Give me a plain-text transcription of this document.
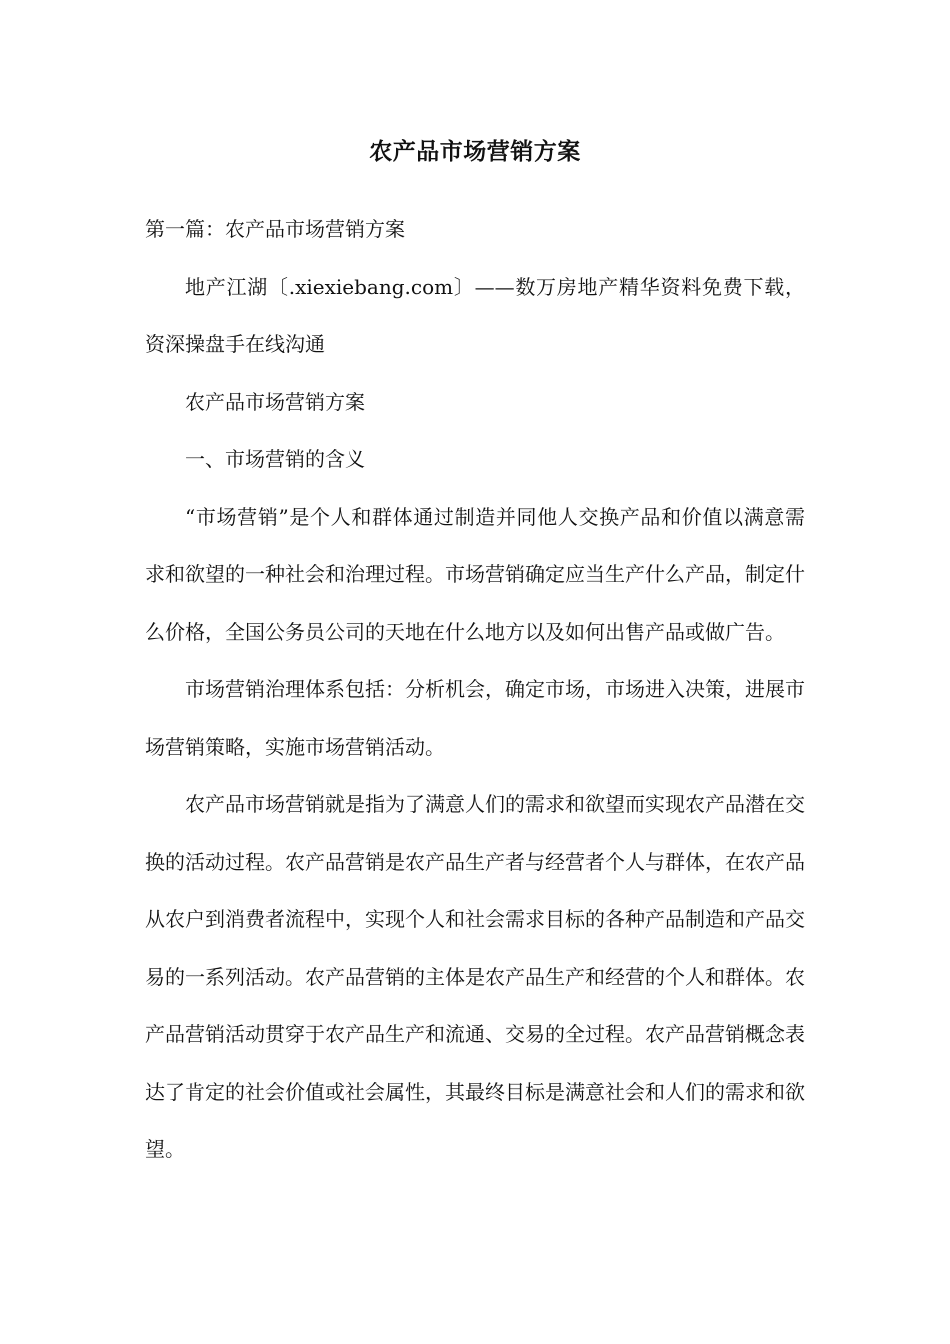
农产品市场营销方案

第一篇：农产品市场营销方案

地产江湖〔.xiexiebang.com〕——数万房地产精华资料免费下载，资深操盘手在线沟通

农产品市场营销方案

一、市场营销的含义

“市场营销”是个人和群体通过制造并同他人交换产品和价值以满意需求和欲望的一种社会和治理过程。市场营销确定应当生产什么产品，制定什么价格，全国公务员公司的天地在什么地方以及如何出售产品或做广告。

市场营销治理体系包括：分析机会，确定市场，市场进入决策，进展市场营销策略，实施市场营销活动。

农产品市场营销就是指为了满意人们的需求和欲望而实现农产品潜在交换的活动过程。农产品营销是农产品生产者与经营者个人与群体，在农产品从农户到消费者流程中，实现个人和社会需求目标的各种产品制造和产品交易的一系列活动。农产品营销的主体是农产品生产和经营的个人和群体。农产品营销活动贯穿于农产品生产和流通、交易的全过程。农产品营销概念表达了肯定的社会价值或社会属性，其最终目标是满意社会和人们的需求和欲望。
